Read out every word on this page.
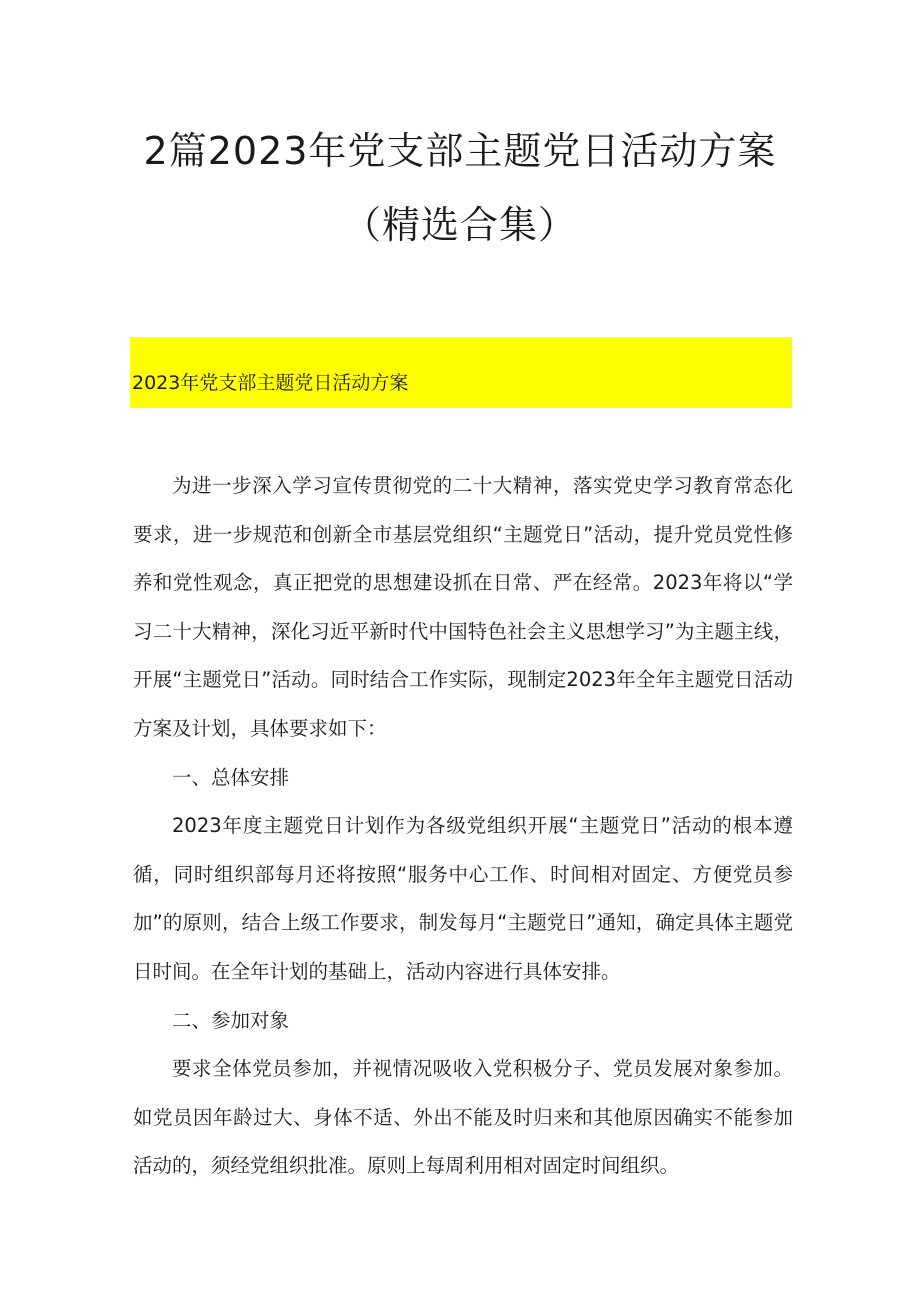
2篇2023年党支部主题党日活动方案
（精选合集）
2023年党支部主题党日活动方案

为进一步深入学习宣传贯彻党的二十大精神，落实党史学习教育常态化要求，进一步规范和创新全市基层党组织“主题党日”活动，提升党员党性修养和党性观念，真正把党的思想建设抓在日常、严在经常。2023年将以“学习二十大精神，深化习近平新时代中国特色社会主义思想学习”为主题主线，开展“主题党日”活动。同时结合工作实际，现制定2023年全年主题党日活动方案及计划，具体要求如下：

一、总体安排

2023年度主题党日计划作为各级党组织开展“主题党日”活动的根本遵循，同时组织部每月还将按照“服务中心工作、时间相对固定、方便党员参加”的原则，结合上级工作要求，制发每月“主题党日”通知，确定具体主题党日时间。在全年计划的基础上，活动内容进行具体安排。

二、参加对象

要求全体党员参加，并视情况吸收入党积极分子、党员发展对象参加。如党员因年龄过大、身体不适、外出不能及时归来和其他原因确实不能参加活动的，须经党组织批准。原则上每周利用相对固定时间组织。
